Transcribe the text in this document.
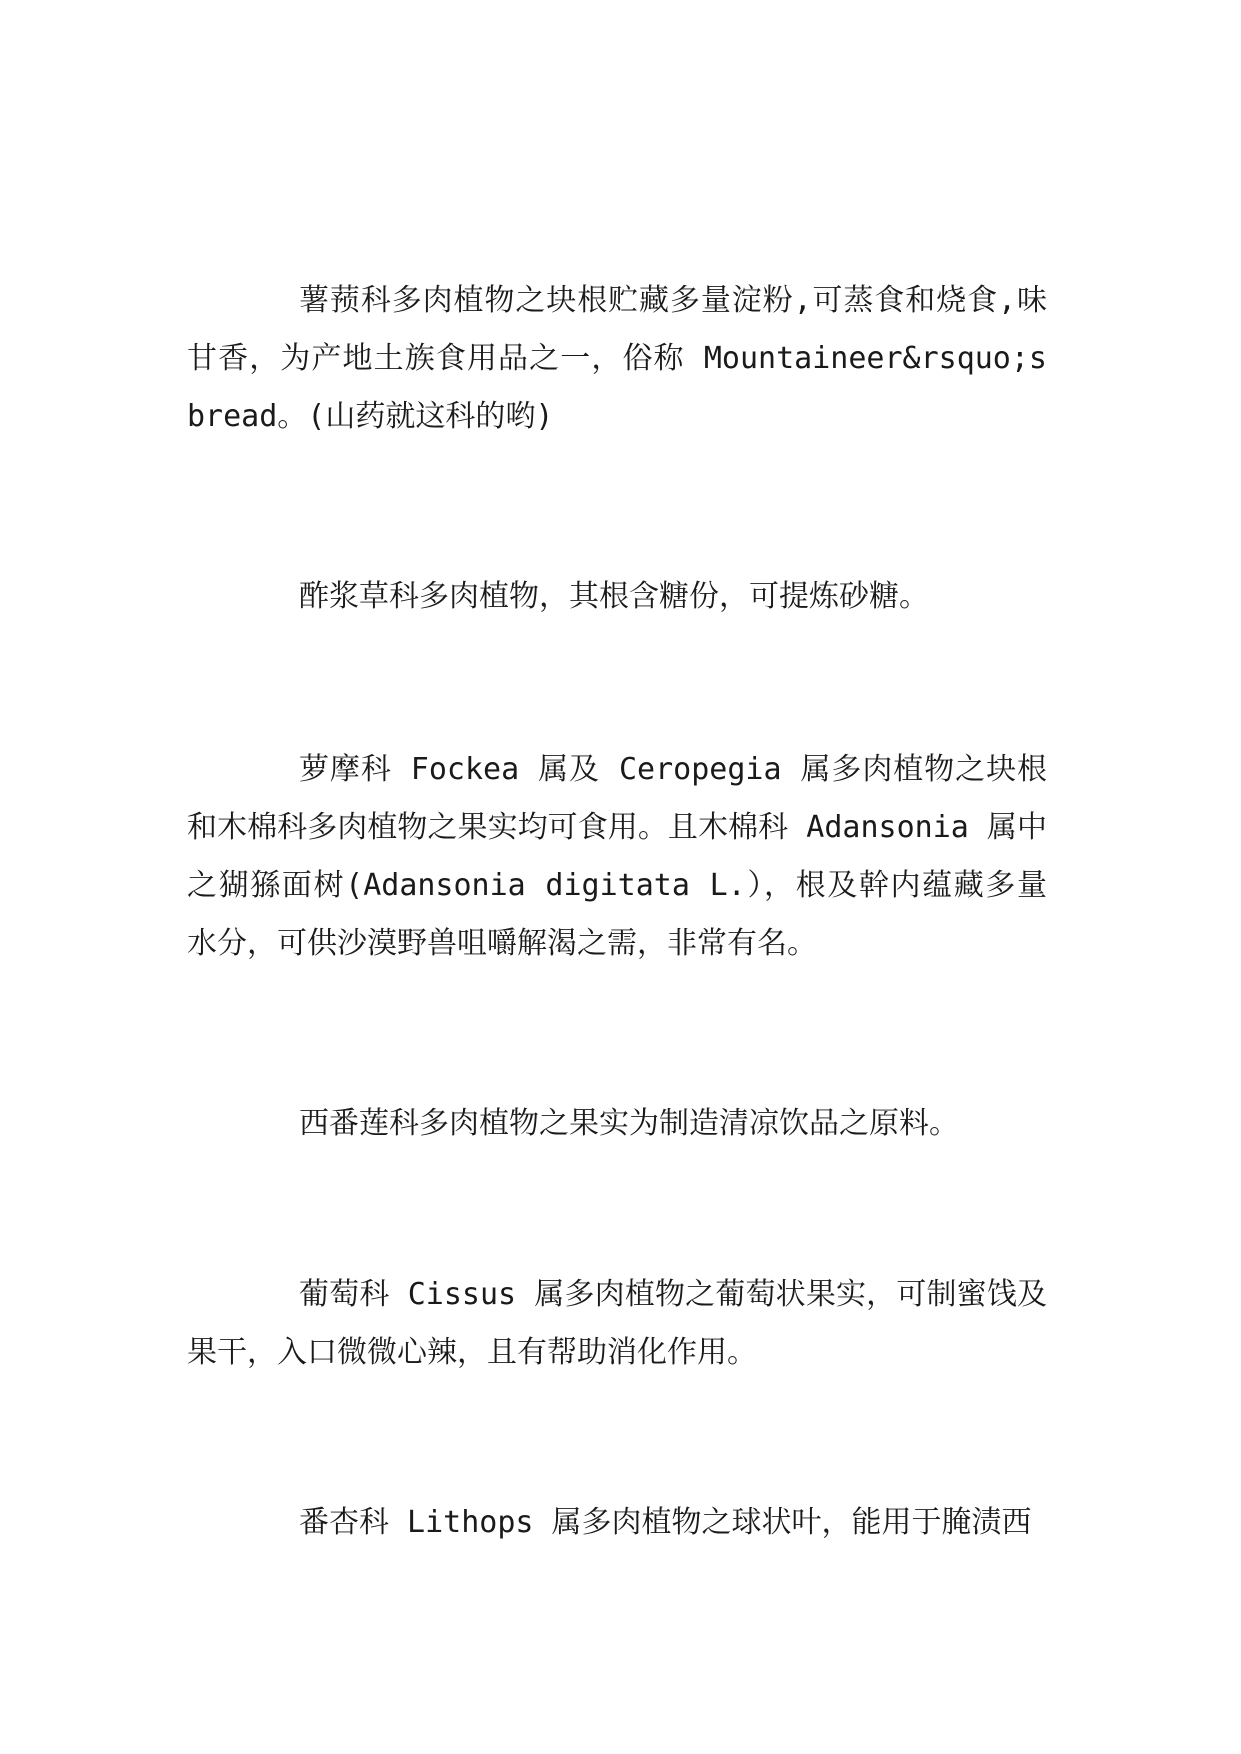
薯蓣科多肉植物之块根贮藏多量淀粉,可蒸食和烧食,味甘香，为产地土族食用品之一，俗称 Mountaineer&rsquo;s bread。(山药就这科的哟)

酢浆草科多肉植物，其根含糖份，可提炼砂糖。

萝摩科 Fockea 属及 Ceropegia 属多肉植物之块根和木棉科多肉植物之果实均可食用。且木棉科 Adansonia 属中之猢猻面树(Adansonia digitata L.），根及幹内蕴藏多量水分，可供沙漠野兽咀嚼解渴之需，非常有名。

西番莲科多肉植物之果实为制造清凉饮品之原料。

葡萄科 Cissus 属多肉植物之葡萄状果实，可制蜜饯及果干，入口微微心辣，且有帮助消化作用。

番杏科 Lithops 属多肉植物之球状叶，能用于腌渍西
